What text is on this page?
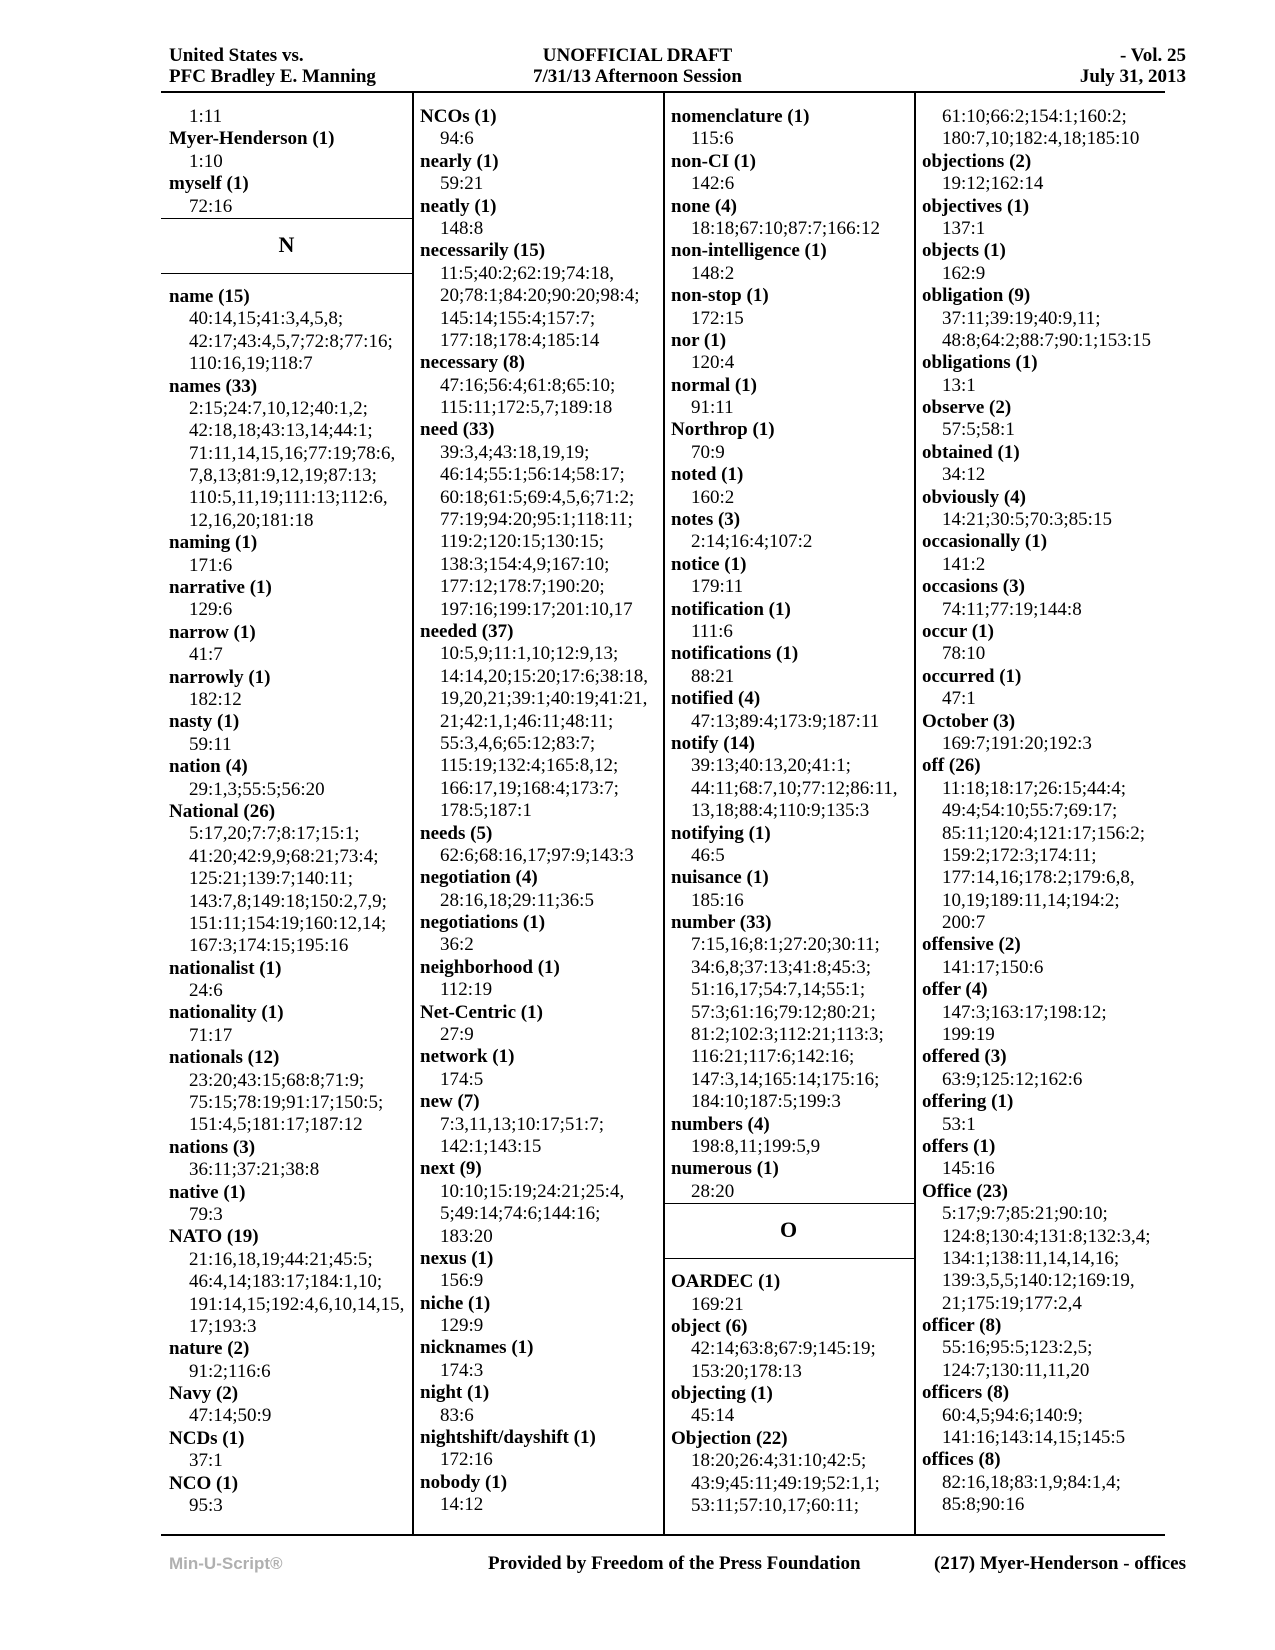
United States vs.
PFC Bradley E. Manning
UNOFFICIAL DRAFT
7/31/13 Afternoon Session
- Vol. 25
July 31, 2013
1:11
Myer-Henderson (1)
1:10
myself (1)
72:16
N
name (15)
40:14,15;41:3,4,5,8;
42:17;43:4,5,7;72:8;77:16;
110:16,19;118:7
names (33)
2:15;24:7,10,12;40:1,2;
42:18,18;43:13,14;44:1;
71:11,14,15,16;77:19;78:6,
7,8,13;81:9,12,19;87:13;
110:5,11,19;111:13;112:6,
12,16,20;181:18
naming (1)
171:6
narrative (1)
129:6
narrow (1)
41:7
narrowly (1)
182:12
nasty (1)
59:11
nation (4)
29:1,3;55:5;56:20
National (26)
5:17,20;7:7;8:17;15:1;
41:20;42:9,9;68:21;73:4;
125:21;139:7;140:11;
143:7,8;149:18;150:2,7,9;
151:11;154:19;160:12,14;
167:3;174:15;195:16
nationalist (1)
24:6
nationality (1)
71:17
nationals (12)
23:20;43:15;68:8;71:9;
75:15;78:19;91:17;150:5;
151:4,5;181:17;187:12
nations (3)
36:11;37:21;38:8
native (1)
79:3
NATO (19)
21:16,18,19;44:21;45:5;
46:4,14;183:17;184:1,10;
191:14,15;192:4,6,10,14,15,
17;193:3
nature (2)
91:2;116:6
Navy (2)
47:14;50:9
NCDs (1)
37:1
NCO (1)
95:3
NCOs (1)
94:6
nearly (1)
59:21
neatly (1)
148:8
necessarily (15)
11:5;40:2;62:19;74:18,
20;78:1;84:20;90:20;98:4;
145:14;155:4;157:7;
177:18;178:4;185:14
necessary (8)
47:16;56:4;61:8;65:10;
115:11;172:5,7;189:18
need (33)
39:3,4;43:18,19,19;
46:14;55:1;56:14;58:17;
60:18;61:5;69:4,5,6;71:2;
77:19;94:20;95:1;118:11;
119:2;120:15;130:15;
138:3;154:4,9;167:10;
177:12;178:7;190:20;
197:16;199:17;201:10,17
needed (37)
10:5,9;11:1,10;12:9,13;
14:14,20;15:20;17:6;38:18,
19,20,21;39:1;40:19;41:21,
21;42:1,1;46:11;48:11;
55:3,4,6;65:12;83:7;
115:19;132:4;165:8,12;
166:17,19;168:4;173:7;
178:5;187:1
needs (5)
62:6;68:16,17;97:9;143:3
negotiation (4)
28:16,18;29:11;36:5
negotiations (1)
36:2
neighborhood (1)
112:19
Net-Centric (1)
27:9
network (1)
174:5
new (7)
7:3,11,13;10:17;51:7;
142:1;143:15
next (9)
10:10;15:19;24:21;25:4,
5;49:14;74:6;144:16;
183:20
nexus (1)
156:9
niche (1)
129:9
nicknames (1)
174:3
night (1)
83:6
nightshift/dayshift (1)
172:16
nobody (1)
14:12
nomenclature (1)
115:6
non-CI (1)
142:6
none (4)
18:18;67:10;87:7;166:12
non-intelligence (1)
148:2
non-stop (1)
172:15
nor (1)
120:4
normal (1)
91:11
Northrop (1)
70:9
noted (1)
160:2
notes (3)
2:14;16:4;107:2
notice (1)
179:11
notification (1)
111:6
notifications (1)
88:21
notified (4)
47:13;89:4;173:9;187:11
notify (14)
39:13;40:13,20;41:1;
44:11;68:7,10;77:12;86:11,
13,18;88:4;110:9;135:3
notifying (1)
46:5
nuisance (1)
185:16
number (33)
7:15,16;8:1;27:20;30:11;
34:6,8;37:13;41:8;45:3;
51:16,17;54:7,14;55:1;
57:3;61:16;79:12;80:21;
81:2;102:3;112:21;113:3;
116:21;117:6;142:16;
147:3,14;165:14;175:16;
184:10;187:5;199:3
numbers (4)
198:8,11;199:5,9
numerous (1)
28:20
O
OARDEC (1)
169:21
object (6)
42:14;63:8;67:9;145:19;
153:20;178:13
objecting (1)
45:14
Objection (22)
18:20;26:4;31:10;42:5;
43:9;45:11;49:19;52:1,1;
53:11;57:10,17;60:11;
61:10;66:2;154:1;160:2;
180:7,10;182:4,18;185:10
objections (2)
19:12;162:14
objectives (1)
137:1
objects (1)
162:9
obligation (9)
37:11;39:19;40:9,11;
48:8;64:2;88:7;90:1;153:15
obligations (1)
13:1
observe (2)
57:5;58:1
obtained (1)
34:12
obviously (4)
14:21;30:5;70:3;85:15
occasionally (1)
141:2
occasions (3)
74:11;77:19;144:8
occur (1)
78:10
occurred (1)
47:1
October (3)
169:7;191:20;192:3
off (26)
11:18;18:17;26:15;44:4;
49:4;54:10;55:7;69:17;
85:11;120:4;121:17;156:2;
159:2;172:3;174:11;
177:14,16;178:2;179:6,8,
10,19;189:11,14;194:2;
200:7
offensive (2)
141:17;150:6
offer (4)
147:3;163:17;198:12;
199:19
offered (3)
63:9;125:12;162:6
offering (1)
53:1
offers (1)
145:16
Office (23)
5:17;9:7;85:21;90:10;
124:8;130:4;131:8;132:3,4;
134:1;138:11,14,14,16;
139:3,5,5;140:12;169:19,
21;175:19;177:2,4
officer (8)
55:16;95:5;123:2,5;
124:7;130:11,11,20
officers (8)
60:4,5;94:6;140:9;
141:16;143:14,15;145:5
offices (8)
82:16,18;83:1,9;84:1,4;
85:8;90:16
Min-U-Script®	Provided by Freedom of the Press Foundation	(217) Myer-Henderson - offices
